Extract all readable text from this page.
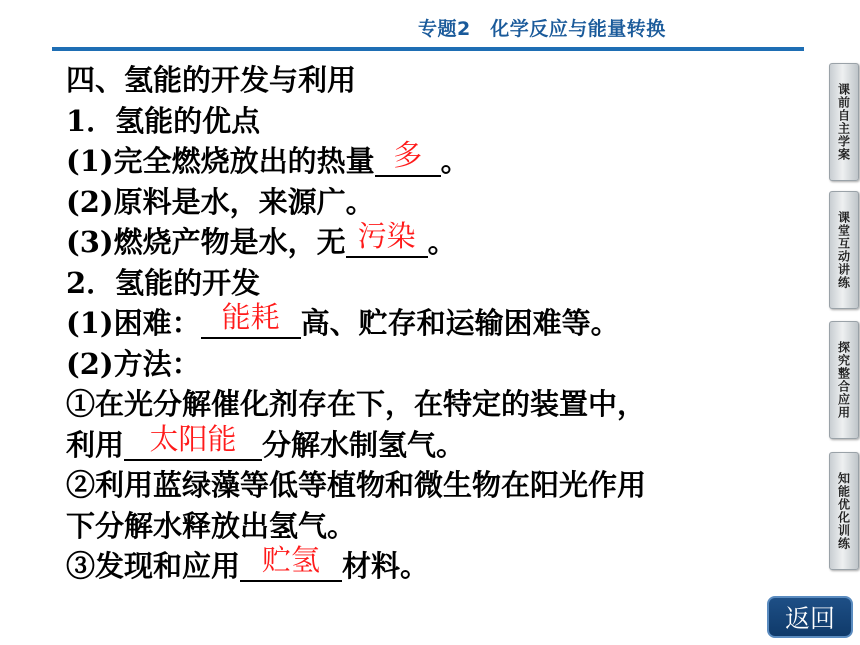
专题2　化学反应与能量转换
四、氢能的开发与利用
1．氢能的优点
(1)完全燃烧放出的热量 多 。
(2)原料是水，来源广。
(3)燃烧产物是水，无 污染 。
2．氢能的开发
(1)困难： 能耗 高、贮存和运输困难等。
(2)方法：
①在光分解催化剂存在下，在特定的装置中，
利用 太阳能 分解水制氢气。
②利用蓝绿藻等低等植物和微生物在阳光作用
下分解水释放出氢气。
③发现和应用 贮氢 材料。
课前自主学案
课堂互动讲练
探究整合应用
知能优化训练
返回
